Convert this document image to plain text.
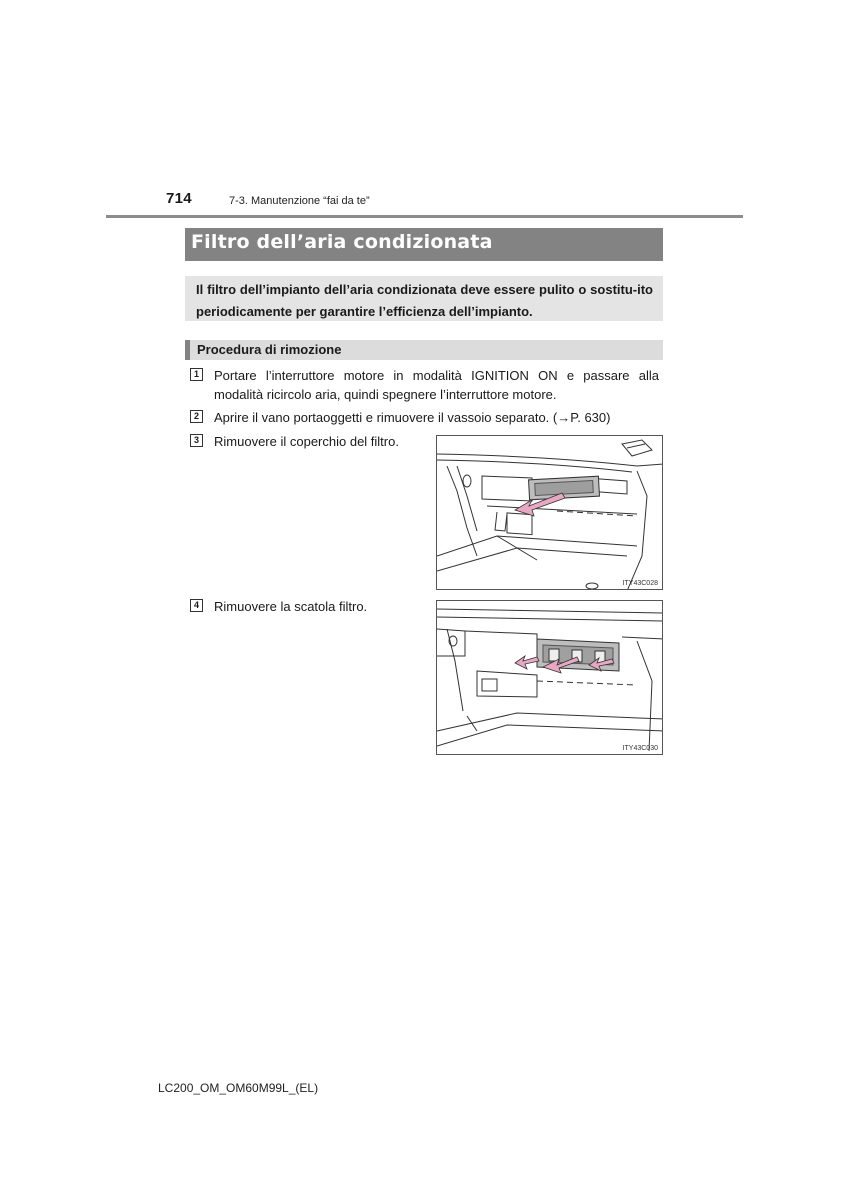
714	7-3. Manutenzione “fai da te”
Filtro dell’aria condizionata
Il filtro dell’impianto dell’aria condizionata deve essere pulito o sostitu-ito periodicamente per garantire l’efficienza dell’impianto.
Procedura di rimozione
1	Portare l’interruttore motore in modalità IGNITION ON e passare alla modalità ricircolo aria, quindi spegnere l’interruttore motore.
2	Aprire il vano portaoggetti e rimuovere il vassoio separato. (→P. 630)
3	Rimuovere il coperchio del filtro.
4	Rimuovere la scatola filtro.
ITY43C028
ITY43C030
LC200_OM_OM60M99L_(EL)
